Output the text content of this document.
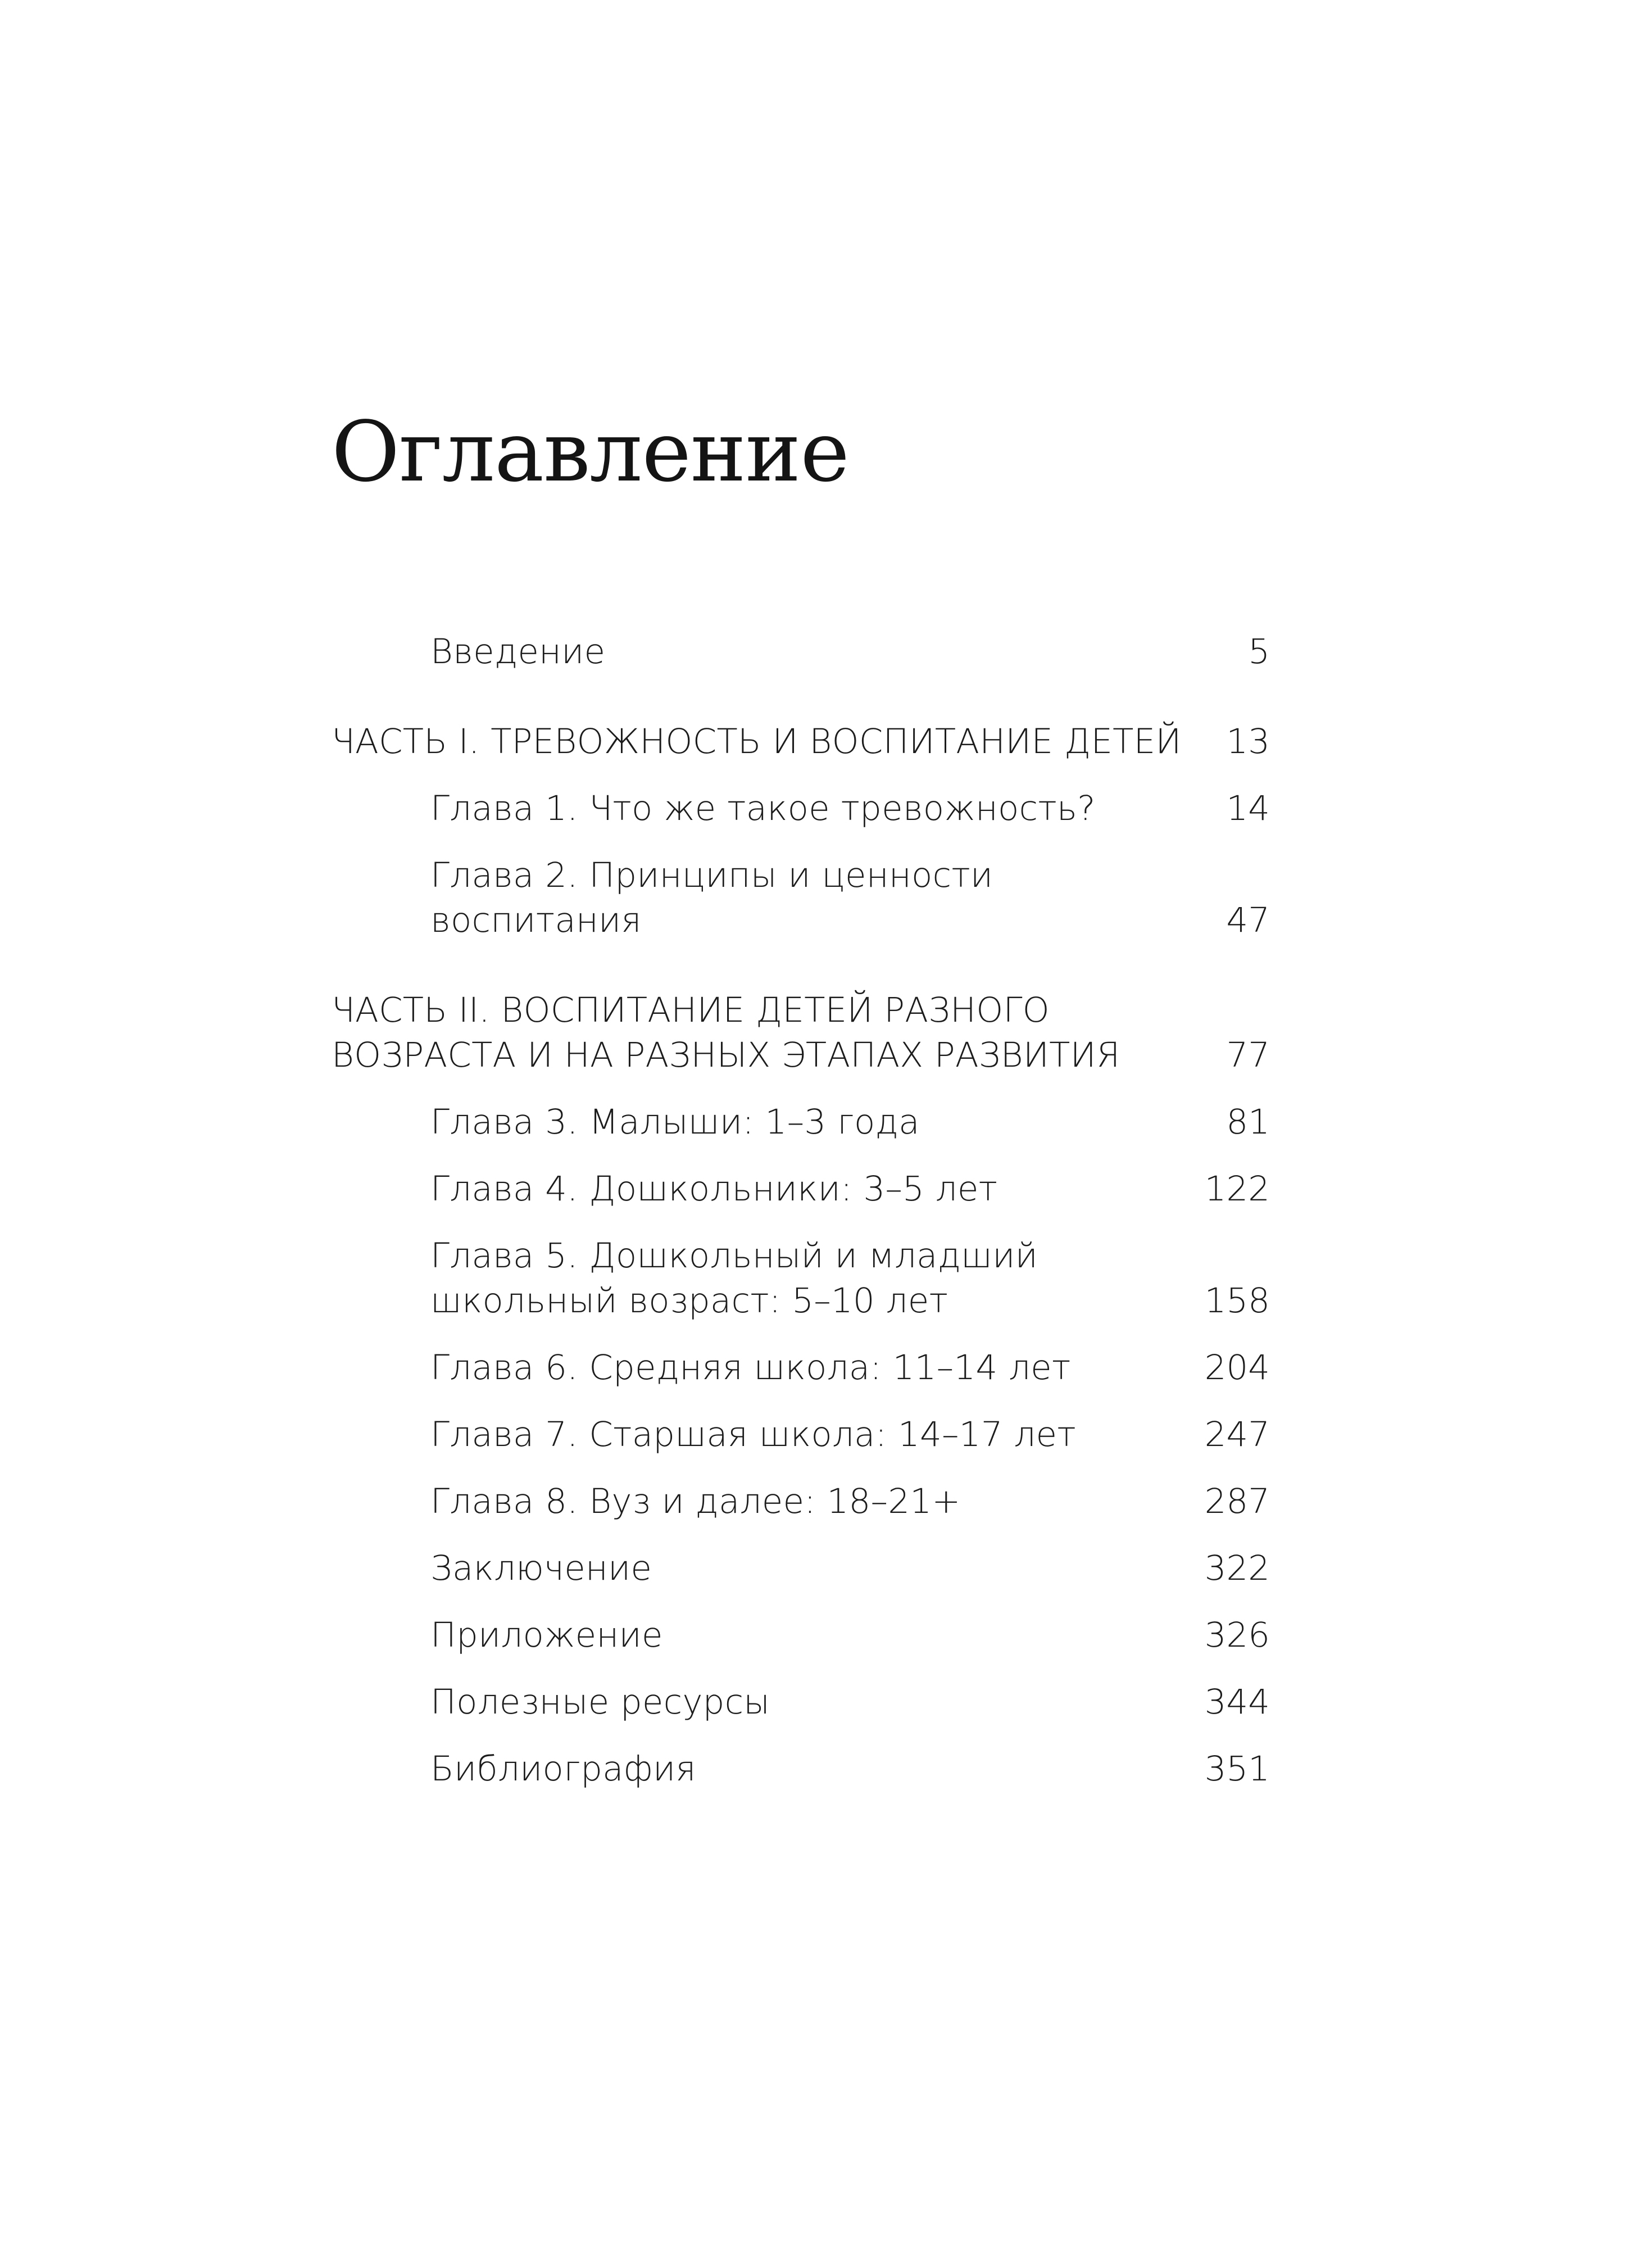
Оглавление
Введение	5
ЧАСТЬ I. ТРЕВОЖНОСТЬ И ВОСПИТАНИЕ ДЕТЕЙ	13
Глава 1. Что же такое тревожность?	14
Глава 2. Принципы и ценности воспитания	47
ЧАСТЬ II. ВОСПИТАНИЕ ДЕТЕЙ РАЗНОГО
ВОЗРАСТА И НА РАЗНЫХ ЭТАПАХ РАЗВИТИЯ	77
Глава 3. Малыши: 1–3 года	81
Глава 4. Дошкольники: 3–5 лет	122
Глава 5. Дошкольный и младший
школьный возраст: 5–10 лет	158
Глава 6. Средняя школа: 11–14 лет	204
Глава 7. Старшая школа: 14–17 лет	247
Глава 8. Вуз и далее: 18–21+	287
Заключение	322
Приложение	326
Полезные ресурсы	344
Библиография	351
